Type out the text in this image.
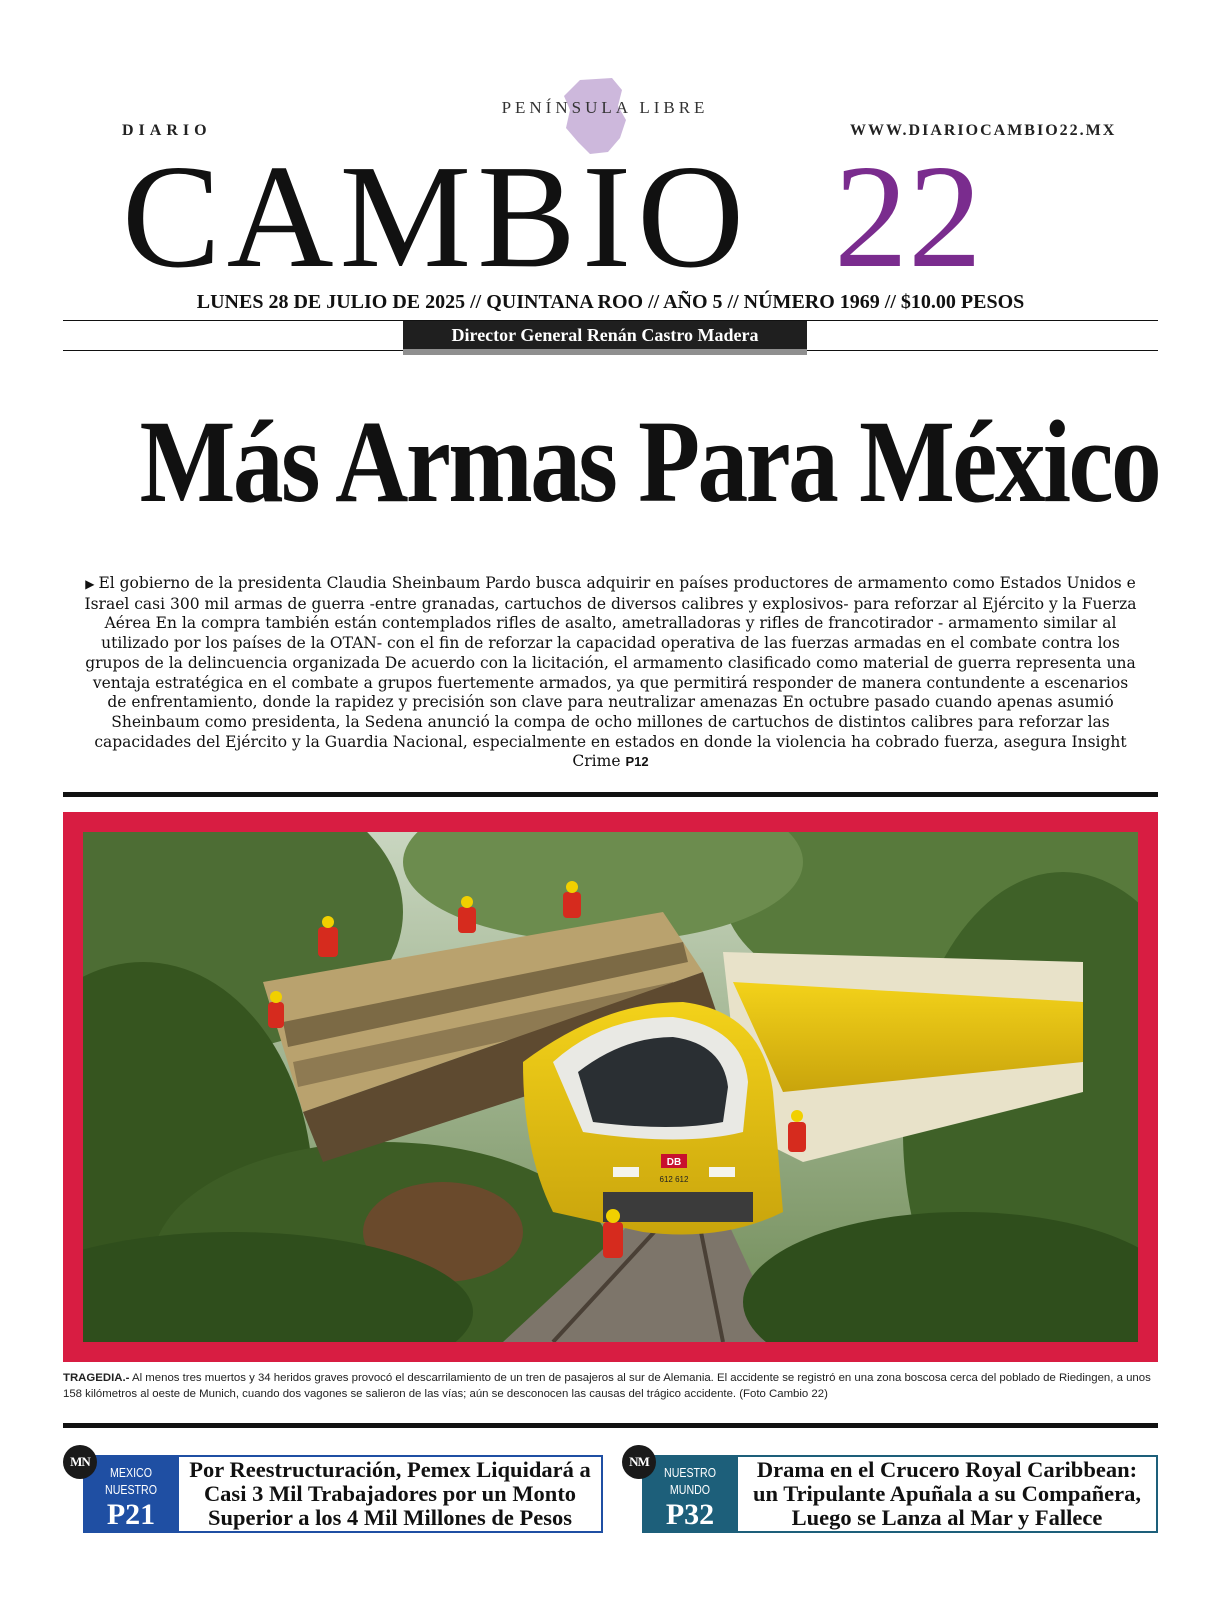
PENÍNSULA LIBRE
DIARIO	WWW.DIARIOCAMBIO22.MX
CAMBIO 22
LUNES 28 DE JULIO DE 2025 // QUINTANA ROO // AÑO 5 // NÚMERO 1969 // $10.00 PESOS
Director General Renán Castro Madera
Más Armas Para México
▶ El gobierno de la presidenta Claudia Sheinbaum Pardo busca adquirir en países productores de armamento como Estados Unidos e Israel casi 300 mil armas de guerra -entre granadas, cartuchos de diversos calibres y explosivos- para reforzar al Ejército y la Fuerza Aérea En la compra también están contemplados rifles de asalto, ametralladoras y rifles de francotirador - armamento similar al utilizado por los países de la OTAN- con el fin de reforzar la capacidad operativa de las fuerzas armadas en el combate contra los grupos de la delincuencia organizada De acuerdo con la licitación, el armamento clasificado como material de guerra representa una ventaja estratégica en el combate a grupos fuertemente armados, ya que permitirá responder de manera contundente a escenarios de enfrentamiento, donde la rapidez y precisión son clave para neutralizar amenazas En octubre pasado cuando apenas asumió Sheinbaum como presidenta, la Sedena anunció la compa de ocho millones de cartuchos de distintos calibres para reforzar las capacidades del Ejército y la Guardia Nacional, especialmente en estados en donde la violencia ha cobrado fuerza, asegura Insight Crime P12
DB
612 612
TRAGEDIA.- Al menos tres muertos y 34 heridos graves provocó el descarrilamiento de un tren de pasajeros al sur de Alemania. El accidente se registró en una zona boscosa cerca del poblado de Riedingen, a unos 158 kilómetros al oeste de Munich, cuando dos vagones se salieron de las vías; aún se desconocen las causas del trágico accidente. (Foto Cambio 22)
MN
MEXICO NUESTRO
P21
Por Reestructuración, Pemex Liquidará a Casi 3 Mil Trabajadores por un Monto Superior a los 4 Mil Millones de Pesos
NM
NUESTRO MUNDO
P32
Drama en el Crucero Royal Caribbean: un Tripulante Apuñala a su Compañera, Luego se Lanza al Mar y Fallece
